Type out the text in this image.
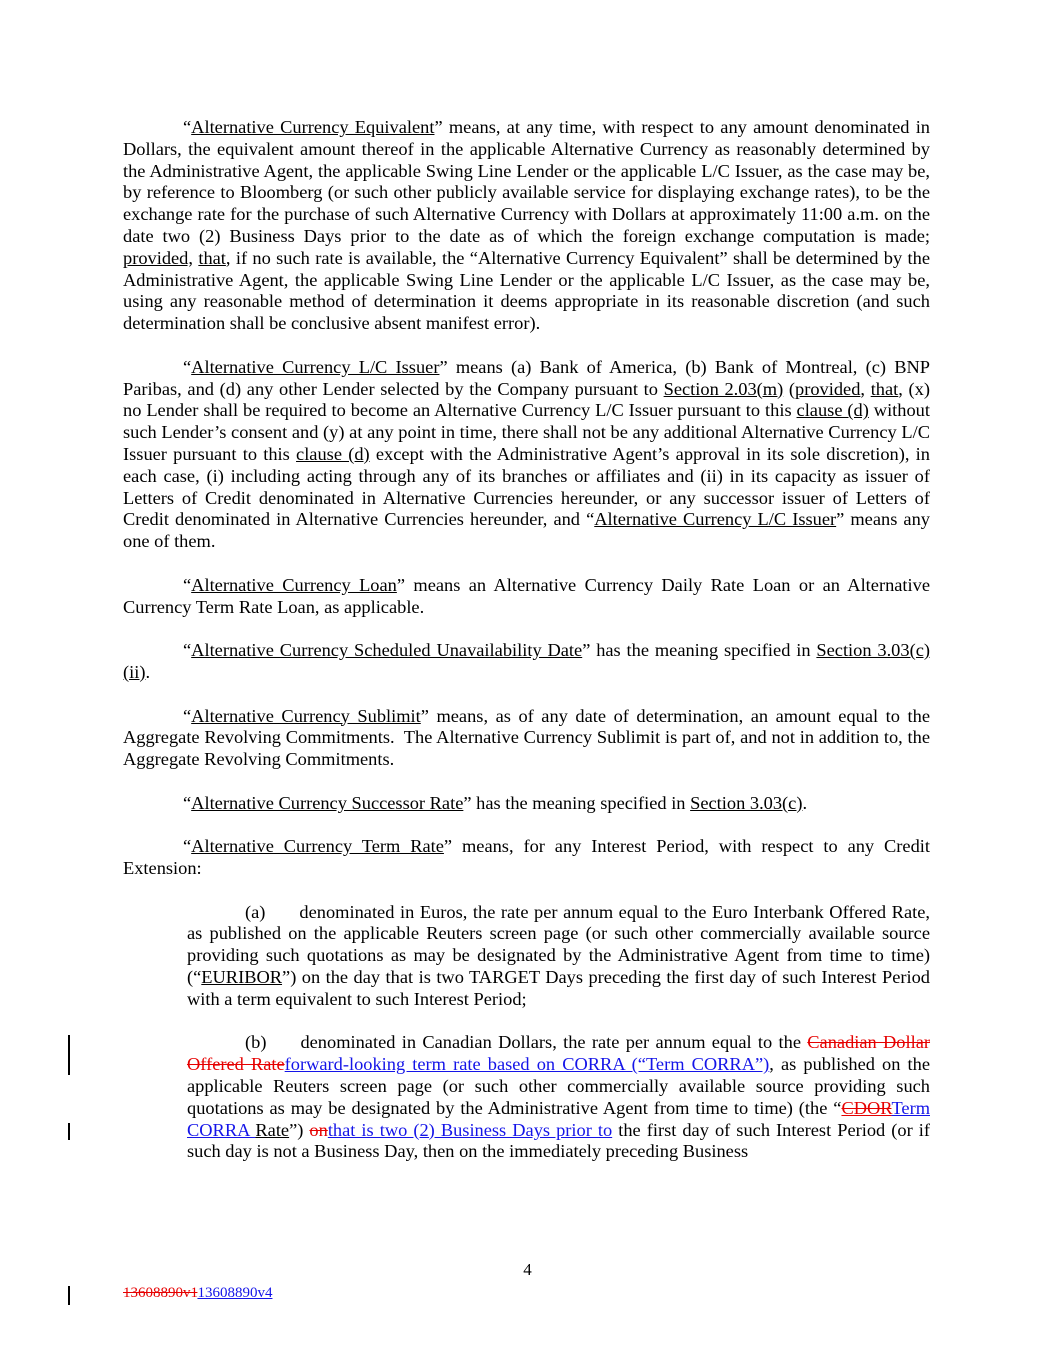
“Alternative Currency Equivalent” means, at any time, with respect to any amount denominated in Dollars, the equivalent amount thereof in the applicable Alternative Currency as reasonably determined by the Administrative Agent, the applicable Swing Line Lender or the applicable L/C Issuer, as the case may be, by reference to Bloomberg (or such other publicly available service for displaying exchange rates), to be the exchange rate for the purchase of such Alternative Currency with Dollars at approximately 11:00 a.m. on the date two (2) Business Days prior to the date as of which the foreign exchange computation is made; provided, that, if no such rate is available, the “Alternative Currency Equivalent” shall be determined by the Administrative Agent, the applicable Swing Line Lender or the applicable L/C Issuer, as the case may be, using any reasonable method of determination it deems appropriate in its reasonable discretion (and such determination shall be conclusive absent manifest error).

“Alternative Currency L/C Issuer” means (a) Bank of America, (b) Bank of Montreal, (c) BNP Paribas, and (d) any other Lender selected by the Company pursuant to Section 2.03(m) (provided, that, (x) no Lender shall be required to become an Alternative Currency L/C Issuer pursuant to this clause (d) without such Lender’s consent and (y) at any point in time, there shall not be any additional Alternative Currency L/C Issuer pursuant to this clause (d) except with the Administrative Agent’s approval in its sole discretion), in each case, (i) including acting through any of its branches or affiliates and (ii) in its capacity as issuer of Letters of Credit denominated in Alternative Currencies hereunder, or any successor issuer of Letters of Credit denominated in Alternative Currencies hereunder, and “Alternative Currency L/C Issuer” means any one of them.

“Alternative Currency Loan” means an Alternative Currency Daily Rate Loan or an Alternative Currency Term Rate Loan, as applicable.

“Alternative Currency Scheduled Unavailability Date” has the meaning specified in Section 3.03(c)(ii).

“Alternative Currency Sublimit” means, as of any date of determination, an amount equal to the Aggregate Revolving Commitments.  The Alternative Currency Sublimit is part of, and not in addition to, the Aggregate Revolving Commitments.

“Alternative Currency Successor Rate” has the meaning specified in Section 3.03(c).

“Alternative Currency Term Rate” means, for any Interest Period, with respect to any Credit Extension:

(a) denominated in Euros, the rate per annum equal to the Euro Interbank Offered Rate, as published on the applicable Reuters screen page (or such other commercially available source providing such quotations as may be designated by the Administrative Agent from time to time) (“EURIBOR”) on the day that is two TARGET Days preceding the first day of such Interest Period with a term equivalent to such Interest Period;

(b) denominated in Canadian Dollars, the rate per annum equal to the Canadian Dollar Offered Rateforward-looking term rate based on CORRA (“Term CORRA”), as published on the applicable Reuters screen page (or such other commercially available source providing such quotations as may be designated by the Administrative Agent from time to time) (the “CDORTerm CORRA Rate”) onthat is two (2) Business Days prior to the first day of such Interest Period (or if such day is not a Business Day, then on the immediately preceding Business

4
13608890v113608890v4
